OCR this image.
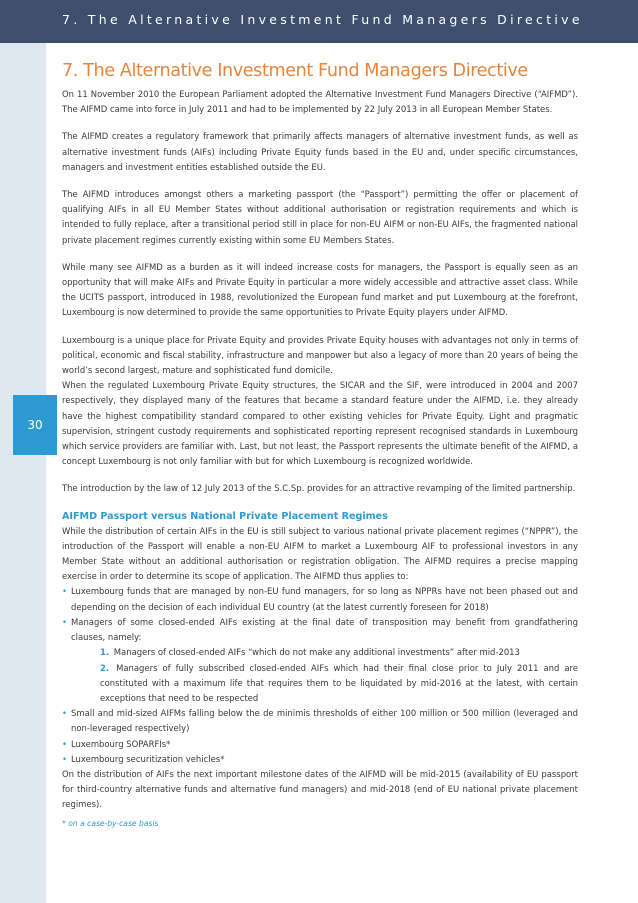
7. The Alternative Investment Fund Managers Directive
30
7. The Alternative Investment Fund Managers Directive

On 11 November 2010 the European Parliament adopted the Alternative Investment Fund Managers Directive (“AIFMD”). The AIFMD came into force in July 2011 and had to be implemented by 22 July 2013 in all European Member States.

The AIFMD creates a regulatory framework that primarily affects managers of alternative investment funds, as well as alternative investment funds (AIFs) including Private Equity funds based in the EU and, under specific circumstances, managers and investment entities established outside the EU.

The AIFMD introduces amongst others a marketing passport (the “Passport”) permitting the offer or placement of qualifying AIFs in all EU Member States without additional authorisation or registration requirements and which is intended to fully replace, after a transitional period still in place for non-EU AIFM or non-EU AIFs, the fragmented national private placement regimes currently existing within some EU Members States.

While many see AIFMD as a burden as it will indeed increase costs for managers, the Passport is equally seen as an opportunity that will make AIFs and Private Equity in particular a more widely accessible and attractive asset class. While the UCITS passport, introduced in 1988, revolutionized the European fund market and put Luxembourg at the forefront, Luxembourg is now determined to provide the same opportunities to Private Equity players under AIFMD.

Luxembourg is a unique place for Private Equity and provides Private Equity houses with advantages not only in terms of political, economic and fiscal stability, infrastructure and manpower but also a legacy of more than 20 years of being the world’s second largest, mature and sophisticated fund domicile.

When the regulated Luxembourg Private Equity structures, the SICAR and the SIF, were introduced in 2004 and 2007 respectively, they displayed many of the features that became a standard feature under the AIFMD, i.e. they already have the highest compatibility standard compared to other existing vehicles for Private Equity. Light and pragmatic supervision, stringent custody requirements and sophisticated reporting represent recognised standards in Luxembourg which service providers are familiar with. Last, but not least, the Passport represents the ultimate benefit of the AIFMD, a concept Luxembourg is not only familiar with but for which Luxembourg is recognized worldwide.

The introduction by the law of 12 July 2013 of the S.C.Sp. provides for an attractive revamping of the limited partnership.

AIFMD Passport versus National Private Placement Regimes

While the distribution of certain AIFs in the EU is still subject to various national private placement regimes (“NPPR”), the introduction of the Passport will enable a non-EU AIFM to market a Luxembourg AIF to professional investors in any Member State without an additional authorisation or registration obligation. The AIFMD requires a precise mapping exercise in order to determine its scope of application. The AIFMD thus applies to:

• Luxembourg funds that are managed by non-EU fund managers, for so long as NPPRs have not been phased out and depending on the decision of each individual EU country (at the latest currently foreseen for 2018)
• Managers of some closed-ended AIFs existing at the final date of transposition may benefit from grandfathering clauses, namely:
1. Managers of closed-ended AIFs “which do not make any additional investments” after mid-2013
2. Managers of fully subscribed closed-ended AIFs which had their final close prior to July 2011 and are constituted with a maximum life that requires them to be liquidated by mid-2016 at the latest, with certain exceptions that need to be respected
• Small and mid-sized AIFMs falling below the de minimis thresholds of either 100 million or 500 million (leveraged and non-leveraged respectively)
• Luxembourg SOPARFIs*
• Luxembourg securitization vehicles*

On the distribution of AIFs the next important milestone dates of the AIFMD will be mid-2015 (availability of EU passport for third-country alternative funds and alternative fund managers) and mid-2018 (end of EU national private placement regimes).

* on a case-by-case basis
